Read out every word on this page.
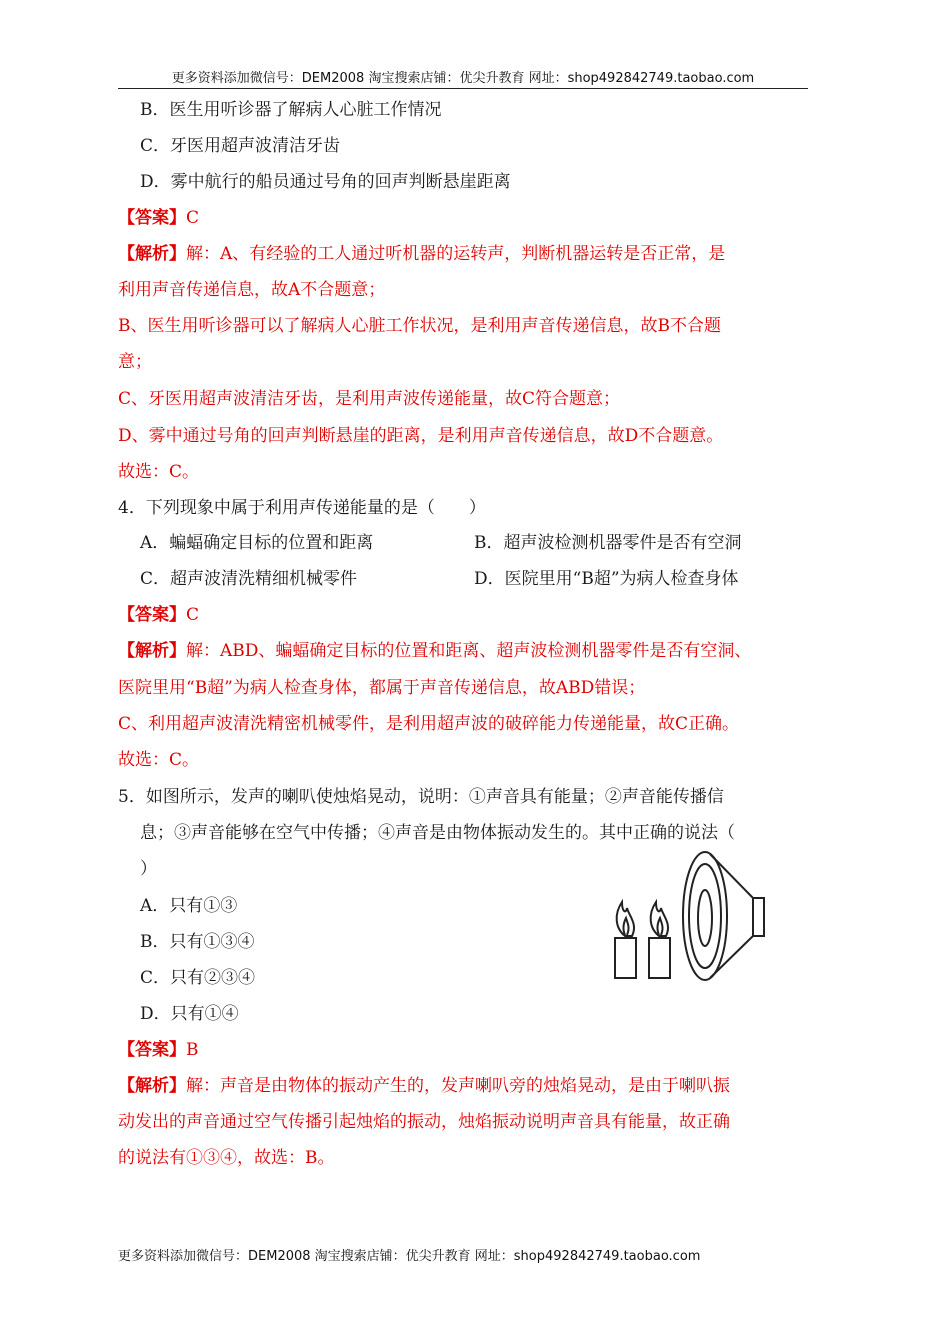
更多资料添加微信号：DEM2008 淘宝搜索店铺：优尖升教育 网址：shop492842749.taobao.com
B．医生用听诊器了解病人心脏工作情况
C．牙医用超声波清洁牙齿
D．雾中航行的船员通过号角的回声判断悬崖距离
【答案】C
【解析】解：A、有经验的工人通过听机器的运转声，判断机器运转是否正常，是
利用声音传递信息，故A不合题意；
B、医生用听诊器可以了解病人心脏工作状况，是利用声音传递信息，故B不合题
意；
C、牙医用超声波清洁牙齿，是利用声波传递能量，故C符合题意；
D、雾中通过号角的回声判断悬崖的距离，是利用声音传递信息，故D不合题意。
故选：C。
4．下列现象中属于利用声传递能量的是（　　）
A．蝙蝠确定目标的位置和距离	B．超声波检测机器零件是否有空洞
C．超声波清洗精细机械零件	D．医院里用“B超”为病人检查身体
【答案】C
【解析】解：ABD、蝙蝠确定目标的位置和距离、超声波检测机器零件是否有空洞、
医院里用“B超”为病人检查身体，都属于声音传递信息，故ABD错误；
C、利用超声波清洗精密机械零件，是利用超声波的破碎能力传递能量，故C正确。
故选：C。
5．如图所示，发声的喇叭使烛焰晃动，说明：①声音具有能量；②声音能传播信
息；③声音能够在空气中传播；④声音是由物体振动发生的。其中正确的说法（
）
A．只有①③
B．只有①③④
C．只有②③④
D．只有①④
【答案】B
【解析】解：声音是由物体的振动产生的，发声喇叭旁的烛焰晃动，是由于喇叭振
动发出的声音通过空气传播引起烛焰的振动，烛焰振动说明声音具有能量，故正确
的说法有①③④，故选：B。
更多资料添加微信号：DEM2008 淘宝搜索店铺：优尖升教育 网址：shop492842749.taobao.com
